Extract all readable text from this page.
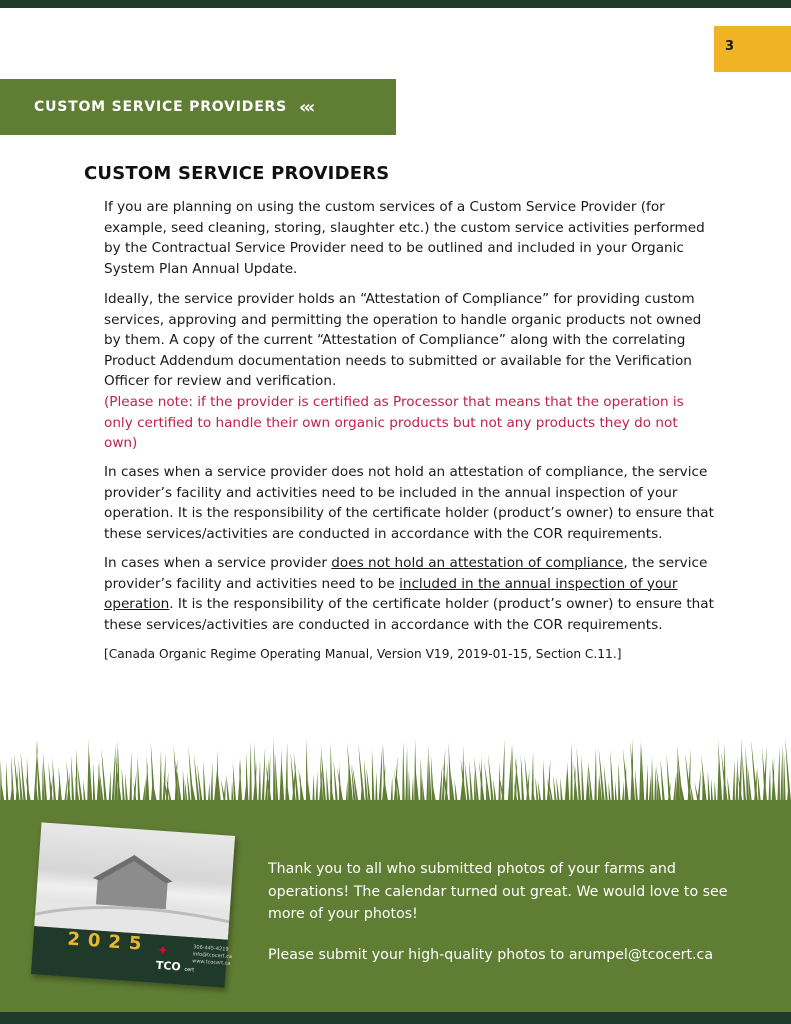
3
CUSTOM SERVICE PROVIDERS ‹‹‹
CUSTOM SERVICE PROVIDERS

If you are planning on using the custom services of a Custom Service Provider (for example, seed cleaning, storing, slaughter etc.) the custom service activities performed by the Contractual Service Provider need to be outlined and included in your Organic System Plan Annual Update.

Ideally, the service provider holds an “Attestation of Compliance” for providing custom services, approving and permitting the operation to handle organic products not owned by them. A copy of the current “Attestation of Compliance” along with the correlating Product Addendum documentation needs to submitted or available for the Verification Officer for review and verification.

(Please note: if the provider is certified as Processor that means that the operation is only certified to handle their own organic products but not any products they do not own)

In cases when a service provider does not hold an attestation of compliance, the service provider’s facility and activities need to be included in the annual inspection of your operation. It is the responsibility of the certificate holder (product’s owner) to ensure that these services/activities are conducted in accordance with the COR requirements.

In cases when a service provider does not hold an attestation of compliance, the service provider’s facility and activities need to be included in the annual inspection of your operation. It is the responsibility of the certificate holder (product’s owner) to ensure that these services/activities are conducted in accordance with the COR requirements.

[Canada Organic Regime Operating Manual, Version V19, 2019-01-15, Section C.11.]
2025 ✦
TCO cert
306-445-4219
info@tcocert.ca
www.tcocert.ca

Thank you to all who submitted photos of your farms and operations! The calendar turned out great. We would love to see more of your photos!

Please submit your high-quality photos to arumpel@tcocert.ca
